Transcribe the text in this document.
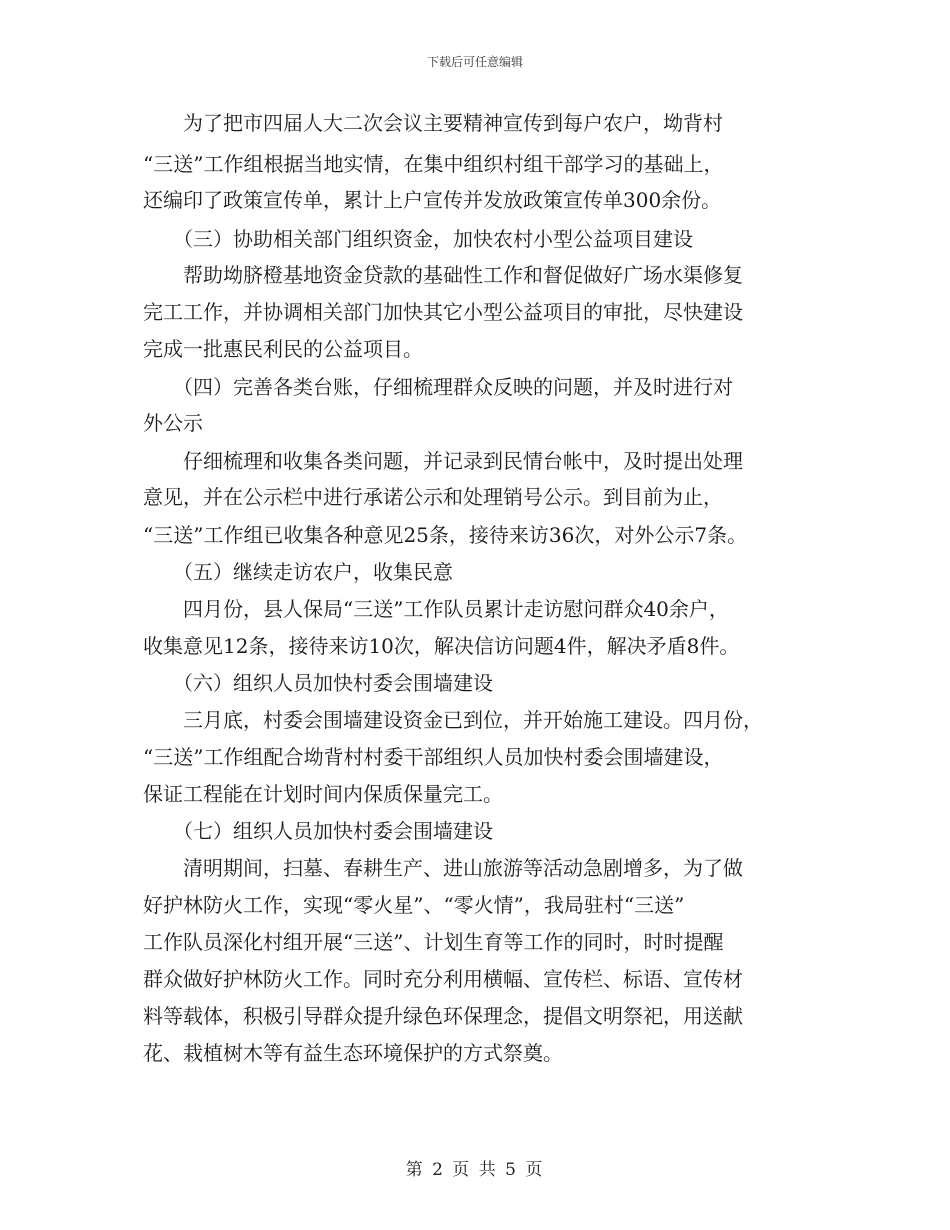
下载后可任意编辑
　　为了把市四届人大二次会议主要精神宣传到每户农户，坳背村
“三送”工作组根据当地实情，在集中组织村组干部学习的基础上，
还编印了政策宣传单，累计上户宣传并发放政策宣传单300余份。
　　（三）协助相关部门组织资金，加快农村小型公益项目建设
　　帮助坳脐橙基地资金贷款的基础性工作和督促做好广场水渠修复
完工工作，并协调相关部门加快其它小型公益项目的审批，尽快建设
完成一批惠民利民的公益项目。
　　（四）完善各类台账，仔细梳理群众反映的问题，并及时进行对
外公示
　　仔细梳理和收集各类问题，并记录到民情台帐中，及时提出处理
意见，并在公示栏中进行承诺公示和处理销号公示。到目前为止，
“三送”工作组已收集各种意见25条，接待来访36次，对外公示7条。
　　（五）继续走访农户，收集民意
　　四月份，县人保局“三送”工作队员累计走访慰问群众40余户，
收集意见12条，接待来访10次，解决信访问题4件，解决矛盾8件。
　　（六）组织人员加快村委会围墙建设
　　三月底，村委会围墙建设资金已到位，并开始施工建设。四月份，
“三送”工作组配合坳背村村委干部组织人员加快村委会围墙建设，
保证工程能在计划时间内保质保量完工。
　　（七）组织人员加快村委会围墙建设
　　清明期间，扫墓、春耕生产、进山旅游等活动急剧增多，为了做
好护林防火工作，实现“零火星”、“零火情”，我局驻村“三送”
工作队员深化村组开展“三送”、计划生育等工作的同时，时时提醒
群众做好护林防火工作。同时充分利用横幅、宣传栏、标语、宣传材
料等载体，积极引导群众提升绿色环保理念，提倡文明祭祀，用送献
花、栽植树木等有益生态环境保护的方式祭奠。
第 2 页 共 5 页
